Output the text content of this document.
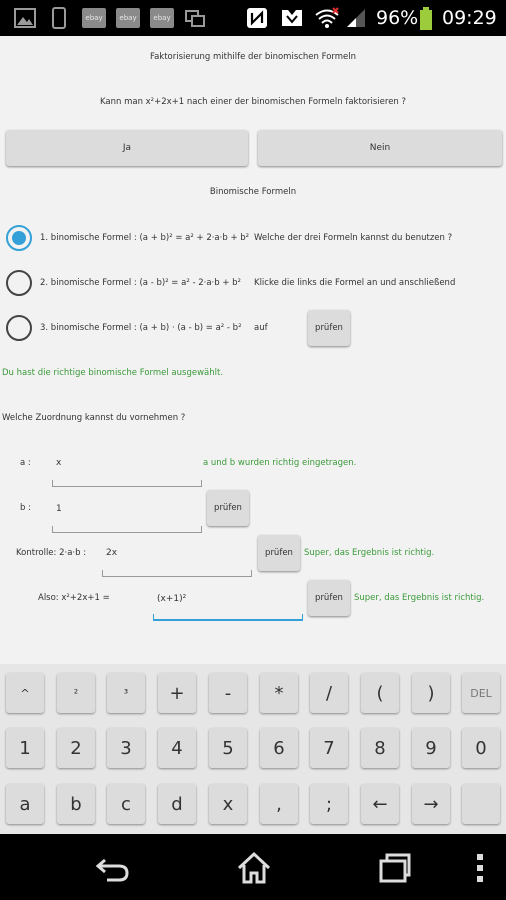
ebay	ebay	ebay	96% 09:29
Faktorisierung mithilfe der binomischen Formeln
Kann man x²+2x+1 nach einer der binomischen Formeln faktorisieren ?
Ja	Nein
Binomische Formeln
1. binomische Formel : (a + b)² = a² + 2·a·b + b² Welche der drei Formeln kannst du benutzen ?
2. binomische Formel : (a - b)² = a² - 2·a·b + b² Klicke die links die Formel an und anschließend
3. binomische Formel : (a + b) · (a - b) = a² - b² auf	prüfen
Du hast die richtige binomische Formel ausgewählt.
Welche Zuordnung kannst du vornehmen ?
a :
x	a und b wurden richtig eingetragen.
b :
1	prüfen
Kontrolle: 2·a·b :
2x	prüfen	Super, das Ergebnis ist richtig.
Also: x²+2x+1 =
(x+1)²	prüfen	Super, das Ergebnis ist richtig.
^	²	³	+	-	*	/	(	)	DEL
1	2	3	4	5	6	7	8	9	0
a	b	c	d	x	,	;	←	→
